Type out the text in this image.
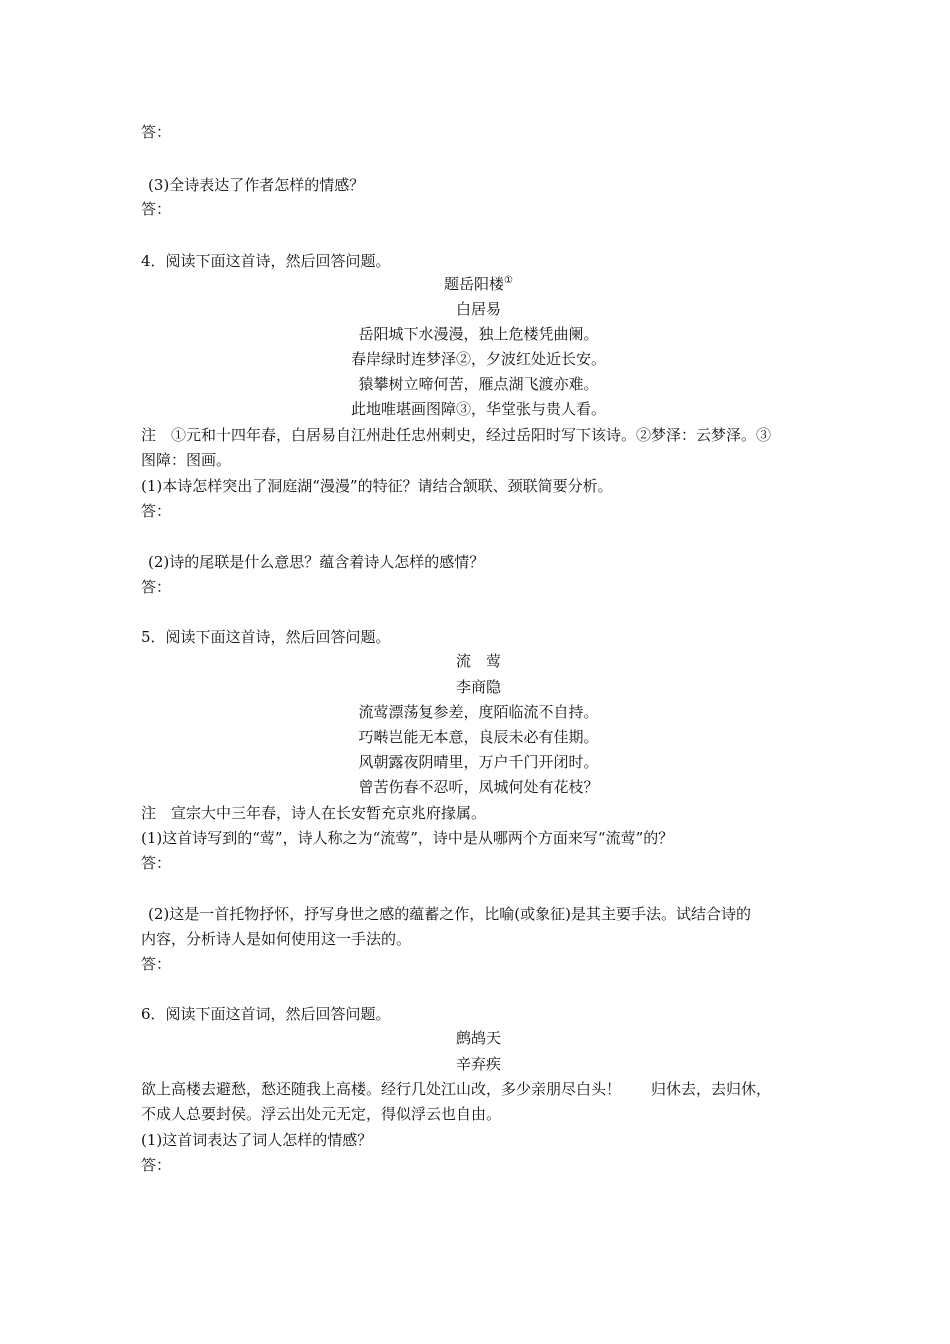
答：
(3)全诗表达了作者怎样的情感？
答：
4．阅读下面这首诗，然后回答问题。
题岳阳楼①
白居易
岳阳城下水漫漫，独上危楼凭曲阑。
春岸绿时连梦泽②，夕波红处近长安。
猿攀树立啼何苦，雁点湖飞渡亦难。
此地唯堪画图障③，华堂张与贵人看。
注　①元和十四年春，白居易自江州赴任忠州刺史，经过岳阳时写下该诗。②梦泽：云梦泽。③
图障：图画。
(1)本诗怎样突出了洞庭湖“漫漫”的特征？请结合颔联、颈联简要分析。
答：
(2)诗的尾联是什么意思？蕴含着诗人怎样的感情？
答：
5．阅读下面这首诗，然后回答问题。
流　莺
李商隐
流莺漂荡复参差，度陌临流不自持。
巧啭岂能无本意，良辰未必有佳期。
风朝露夜阴晴里，万户千门开闭时。
曾苦伤春不忍听，凤城何处有花枝？
注　宣宗大中三年春，诗人在长安暂充京兆府掾属。
(1)这首诗写到的“莺”，诗人称之为“流莺”，诗中是从哪两个方面来写“流莺”的？
答：
(2)这是一首托物抒怀，抒写身世之感的蕴蓄之作，比喻(或象征)是其主要手法。试结合诗的
内容，分析诗人是如何使用这一手法的。
答：
6．阅读下面这首词，然后回答问题。
鹧鸪天
辛弃疾
欲上高楼去避愁，愁还随我上高楼。经行几处江山改，多少亲朋尽白头！　　归休去，去归休，
不成人总要封侯。浮云出处元无定，得似浮云也自由。
(1)这首词表达了词人怎样的情感？
答：
